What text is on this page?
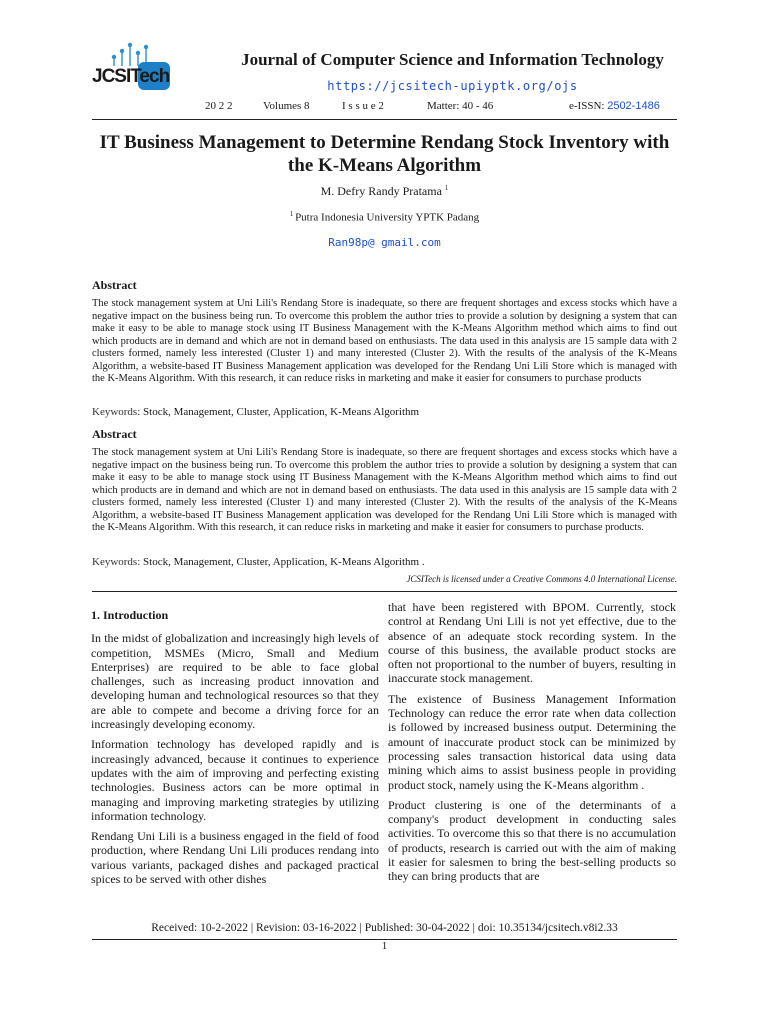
JCSITech
Journal of Computer Science and Information Technology
https://jcsitech-upiyptk.org/ojs
20 2 2	Volumes 8	I s s u e 2	Matter: 40 - 46	e-ISSN: 2502-1486
IT Business Management to Determine Rendang Stock Inventory with the K-Means Algorithm
M. Defry Randy Pratama $^1$
$^1$ Putra Indonesia University YPTK Padang
Ran98p@ gmail.com
Abstract
The stock management system at Uni Lili's Rendang Store is inadequate, so there are frequent shortages and excess stocks which have a negative impact on the business being run. To overcome this problem the author tries to provide a solution by designing a system that can make it easy to be able to manage stock using IT Business Management with the K-Means Algorithm method which aims to find out which products are in demand and which are not in demand based on enthusiasts. The data used in this analysis are 15 sample data with 2 clusters formed, namely less interested (Cluster 1) and many interested (Cluster 2). With the results of the analysis of the K-Means Algorithm, a website-based IT Business Management application was developed for the Rendang Uni Lili Store which is managed with the K-Means Algorithm. With this research, it can reduce risks in marketing and make it easier for consumers to purchase products
Keywords: Stock, Management, Cluster, Application, K-Means Algorithm
Abstract
The stock management system at Uni Lili's Rendang Store is inadequate, so there are frequent shortages and excess stocks which have a negative impact on the business being run. To overcome this problem the author tries to provide a solution by designing a system that can make it easy to be able to manage stock using IT Business Management with the K-Means Algorithm method which aims to find out which products are in demand and which are not in demand based on enthusiasts. The data used in this analysis are 15 sample data with 2 clusters formed, namely less interested (Cluster 1) and many interested (Cluster 2). With the results of the analysis of the K-Means Algorithm, a website-based IT Business Management application was developed for the Rendang Uni Lili Store which is managed with the K-Means Algorithm. With this research, it can reduce risks in marketing and make it easier for consumers to purchase products.
Keywords: Stock, Management, Cluster, Application, K-Means Algorithm .
JCSITech is licensed under a Creative Commons 4.0 International License.

1. Introduction

In the midst of globalization and increasingly high levels of competition, MSMEs (Micro, Small and Medium Enterprises) are required to be able to face global challenges, such as increasing product innovation and developing human and technological resources so that they are able to compete and become a driving force for an increasingly developing economy.

Information technology has developed rapidly and is increasingly advanced, because it continues to experience updates with the aim of improving and perfecting existing technologies. Business actors can be more optimal in managing and improving marketing strategies by utilizing information technology.

Rendang Uni Lili is a business engaged in the field of food production, where Rendang Uni Lili produces rendang into various variants, packaged dishes and packaged practical spices to be served with other dishes

that have been registered with BPOM. Currently, stock control at Rendang Uni Lili is not yet effective, due to the absence of an adequate stock recording system. In the course of this business, the available product stocks are often not proportional to the number of buyers, resulting in inaccurate stock management.

The existence of Business Management Information Technology can reduce the error rate when data collection is followed by increased business output. Determining the amount of inaccurate product stock can be minimized by processing sales transaction historical data using data mining which aims to assist business people in providing product stock, namely using the K-Means algorithm .

Product clustering is one of the determinants of a company's product development in conducting sales activities. To overcome this so that there is no accumulation of products, research is carried out with the aim of making it easier for salesmen to bring the best-selling products so they can bring products that are

Received: 10-2-2022 | Revision: 03-16-2022 | Published: 30-04-2022 | doi: 10.35134/jcsitech.v8i2.33
1
